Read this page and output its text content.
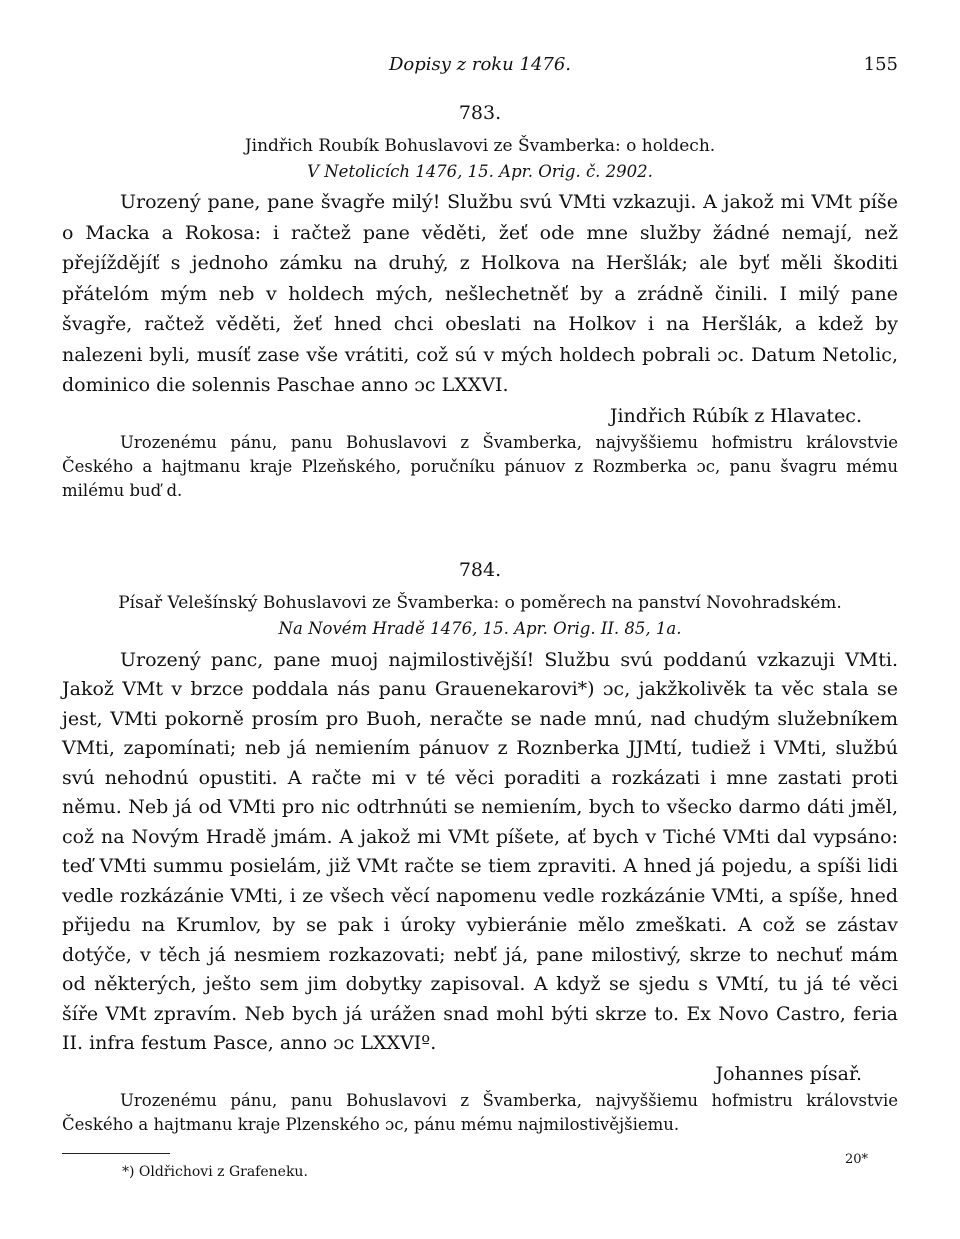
Dopisy z roku 1476.	155
783.
Jindřich Roubík Bohuslavovi ze Švamberka: o holdech.
V Netolicích 1476, 15. Apr. Orig. č. 2902.

Urozený pane, pane švagře milý! Službu svú VMti vzkazuji. A jakož mi VMt píše o Macka a Rokosa: i račtež pane věděti, žeť ode mne služby žádné nemají, než přejíždějíť s jednoho zámku na druhý, z Holkova na Heršlák; ale byť měli škoditi přátelóm mým neb v holdech mých, nešlechetněť by a zrádně činili. I milý pane švagře, račtež věděti, žeť hned chci obeslati na Holkov i na Heršlák, a kdež by nalezeni byli, musíť zase vše vrátiti, což sú v mých holdech pobrali ɔc. Datum Netolic, dominico die solennis Paschae anno ɔc LXXVI.

Jindřich Rúbík z Hlavatec.

Urozenému pánu, panu Bohuslavovi z Švamberka, najvyššiemu hofmistru královstvie Českého a hajtmanu kraje Plzeňského, poručníku pánuov z Rozmberka ɔc, panu švagru mému milému buď d.

784.
Písař Velešínský Bohuslavovi ze Švamberka: o poměrech na panství Novohradském.
Na Novém Hradě 1476, 15. Apr. Orig. II. 85, 1a.

Urozený panc, pane muoj najmilostivější! Službu svú poddanú vzkazuji VMti. Jakož VMt v brzce poddala nás panu Grauenekarovi*) ɔc, jakžkolivěk ta věc stala se jest, VMti pokorně prosím pro Buoh, neračte se nade mnú, nad chudým služebníkem VMti, zapomínati; neb já nemiením pánuov z Roznberka JJMtí, tudiež i VMti, službú svú nehodnú opustiti. A račte mi v té věci poraditi a rozkázati i mne zastati proti němu. Neb já od VMti pro nic odtrhnúti se nemiením, bych to všecko darmo dáti jměl, což na Novým Hradě jmám. A jakož mi VMt píšete, ať bych v Tiché VMti dal vypsáno: teď VMti summu posielám, již VMt račte se tiem zpraviti. A hned já pojedu, a spíši lidi vedle rozkázánie VMti, i ze všech věcí napomenu vedle rozkázánie VMti, a spíše, hned přijedu na Krumlov, by se pak i úroky vybieránie mělo zmeškati. A což se zástav dotýče, v těch já nesmiem rozkazovati; nebť já, pane milostivý, skrze to nechuť mám od některých, ješto sem jim dobytky zapisoval. A když se sjedu s VMtí, tu já té věci šíře VMt zpravím. Neb bych já urážen snad mohl býti skrze to. Ex Novo Castro, feria II. infra festum Pasce, anno ɔc LXXVIº.

Johannes písař.

Urozenému pánu, panu Bohuslavovi z Švamberka, najvyššiemu hofmistru královstvie Českého a hajtmanu kraje Plzenského ɔc, pánu mému najmilostivějšiemu.

*) Oldřichovi z Grafeneku.
20*
